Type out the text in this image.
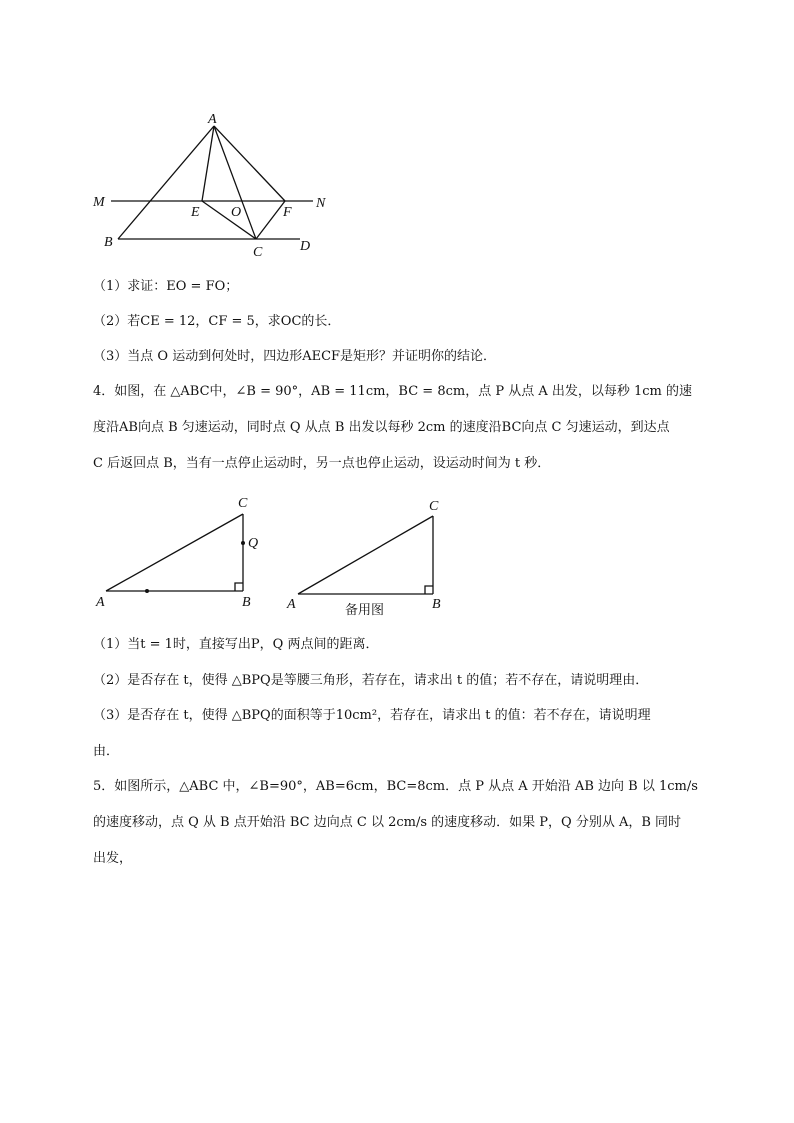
A
M	N
E O	F
B
C	D
C
Q
A	B
C
A	B
备用图
（1）求证：EO = FO；
（2）若CE = 12，CF = 5，求OC的长．
（3）当点 O 运动到何处时，四边形AECF是矩形？并证明你的结论．
4．如图，在 △ABC中，∠B = 90°，AB = 11cm，BC = 8cm，点 P 从点 A 出发，以每秒 1cm 的速
度沿AB向点 B 匀速运动，同时点 Q 从点 B 出发以每秒 2cm 的速度沿BC向点 C 匀速运动，到达点
C 后返回点 B，当有一点停止运动时，另一点也停止运动，设运动时间为 t 秒．
（1）当t = 1时，直接写出P，Q 两点间的距离．
（2）是否存在 t，使得 △BPQ是等腰三角形，若存在，请求出 t 的值；若不存在，请说明理由．
（3）是否存在 t，使得 △BPQ的面积等于10cm²，若存在，请求出 t 的值：若不存在，请说明理
由．
5．如图所示，△ABC 中，∠B=90°，AB=6cm，BC=8cm．点 P 从点 A 开始沿 AB 边向 B 以 1cm/s
的速度移动，点 Q 从 B 点开始沿 BC 边向点 C 以 2cm/s 的速度移动．如果 P，Q 分别从 A，B 同时
出发，
